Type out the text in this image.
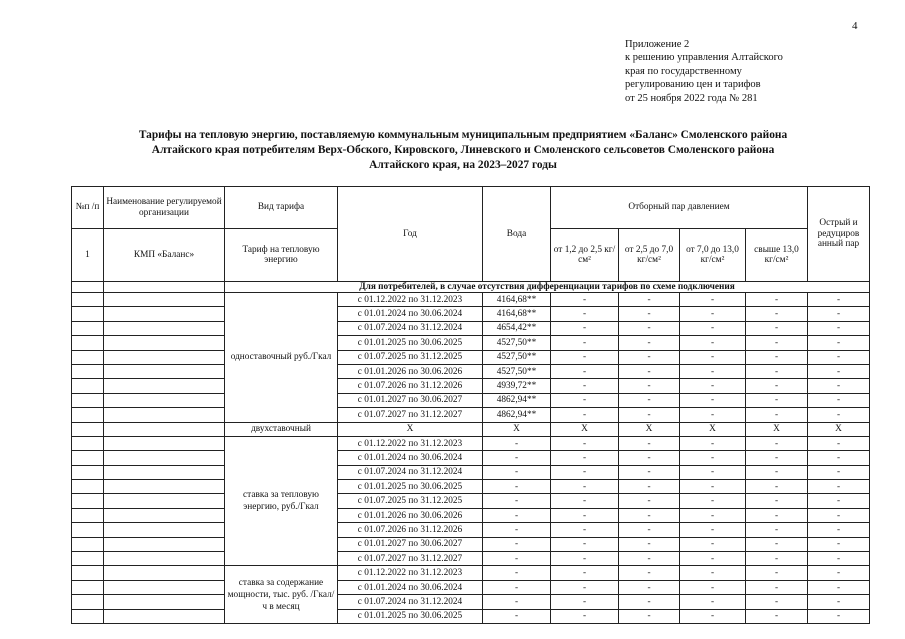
4
Приложение 2
к решению управления Алтайского
края по государственному
регулированию цен и тарифов
от 25 ноября 2022 года № 281
Тарифы на тепловую энергию, поставляемую коммунальным муниципальным предприятием «Баланс» Смоленского района
Алтайского края потребителям Верх-Обского, Кировского, Линевского и Смоленского сельсоветов Смоленского района
Алтайского края, на 2023–2027 годы
№п /п	Наименование регулируемой организации	Вид тарифа	Год	Вода	Отборный пар давлением				Острый и редуциров анный пар
1	КМП «Баланс»	Тариф на тепловую энергию			от 1,2 до 2,5 кг/см²	от 2,5 до 7,0 кг/см²	от 7,0 до 13,0 кг/см²	свыше 13,0 кг/см²	
		Для потребителей, в случае отсутствия дифференциации тарифов по схеме подключения							
		одноставочный руб./Гкал	с 01.12.2022 по 31.12.2023	4164,68**	-	-	-	-	-
			с 01.01.2024 по 30.06.2024	4164,68**	-	-	-	-	-
			с 01.07.2024 по 31.12.2024	4654,42**	-	-	-	-	-
			с 01.01.2025 по 30.06.2025	4527,50**	-	-	-	-	-
			с 01.07.2025 по 31.12.2025	4527,50**	-	-	-	-	-
			с 01.01.2026 по 30.06.2026	4527,50**	-	-	-	-	-
			с 01.07.2026 по 31.12.2026	4939,72**	-	-	-	-	-
			с 01.01.2027 по 30.06.2027	4862,94**	-	-	-	-	-
			с 01.07.2027 по 31.12.2027	4862,94**	-	-	-	-	-
		двухставочный	X	X	X	X	X	X	X
		ставка за тепловую энергию, руб./Гкал	с 01.12.2022 по 31.12.2023	-	-	-	-	-	-
			с 01.01.2024 по 30.06.2024	-	-	-	-	-	-
			с 01.07.2024 по 31.12.2024	-	-	-	-	-	-
			с 01.01.2025 по 30.06.2025	-	-	-	-	-	-
			с 01.07.2025 по 31.12.2025	-	-	-	-	-	-
			с 01.01.2026 по 30.06.2026	-	-	-	-	-	-
			с 01.07.2026 по 31.12.2026	-	-	-	-	-	-
			с 01.01.2027 по 30.06.2027	-	-	-	-	-	-
			с 01.07.2027 по 31.12.2027	-	-	-	-	-	-
		ставка за содержание мощности, тыс. руб. /Гкал/ч в месяц	с 01.12.2022 по 31.12.2023	-	-	-	-	-	-
			с 01.01.2024 по 30.06.2024	-	-	-	-	-	-
			с 01.07.2024 по 31.12.2024	-	-	-	-	-	-
			с 01.01.2025 по 30.06.2025	-	-	-	-	-	-
